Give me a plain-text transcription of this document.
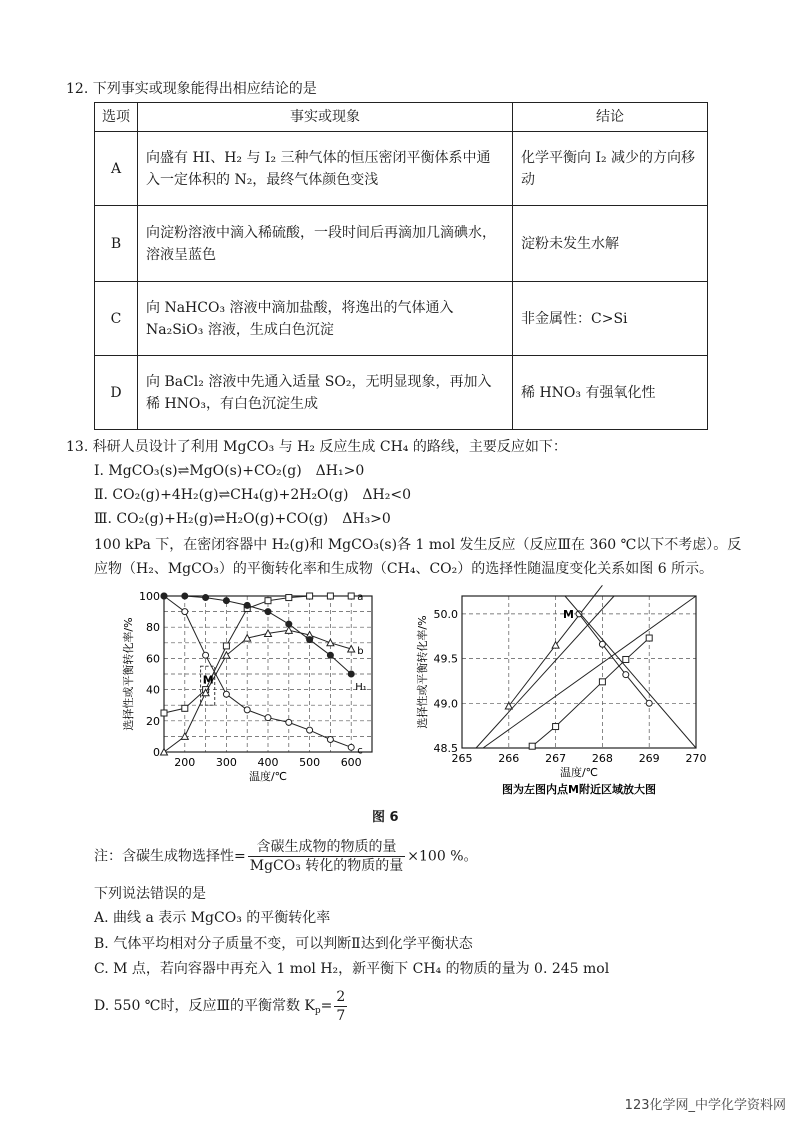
12. 下列事实或现象能得出相应结论的是
选项	事实或现象	结论
A	向盛有 HI、H₂ 与 I₂ 三种气体的恒压密闭平衡体系中通入一定体积的 N₂，最终气体颜色变浅	化学平衡向 I₂ 减少的方向移动
B	向淀粉溶液中滴入稀硫酸，一段时间后再滴加几滴碘水，溶液呈蓝色	淀粉未发生水解
C	向 NaHCO₃ 溶液中滴加盐酸，将逸出的气体通入 Na₂SiO₃ 溶液，生成白色沉淀	非金属性：C>Si
D	向 BaCl₂ 溶液中先通入适量 SO₂，无明显现象，再加入稀 HNO₃，有白色沉淀生成	稀 HNO₃ 有强氧化性
13. 科研人员设计了利用 MgCO₃ 与 H₂ 反应生成 CH₄ 的路线，主要反应如下：
Ⅰ. MgCO₃(s)⇌MgO(s)+CO₂(g)　ΔH₁>0
Ⅱ. CO₂(g)+4H₂(g)⇌CH₄(g)+2H₂O(g)　ΔH₂<0
Ⅲ. CO₂(g)+H₂(g)⇌H₂O(g)+CO(g)　ΔH₃>0
100 kPa 下，在密闭容器中 H₂(g)和 MgCO₃(s)各 1 mol 发生反应（反应Ⅲ在 360 ℃以下不考虑）。反
应物（H₂、MgCO₃）的平衡转化率和生成物（CH₄、CO₂）的选择性随温度变化关系如图 6 所示。
200 300 400 500 600
0
20
40
60
80
100
温度/℃
选择性或平衡转化率/%
a
b
c
H₁
M
265 266 267 268 269 270
48.5
49.0
49.5
50.0
温度/℃
选择性或平衡转化率/%
M
图为左图内点M附近区域放大图
图 6
注：含碳生成物选择性= $\frac{\text{含碳生成物的物质的量}}{\text{MgCO₃ 转化的物质的量}} \times 100$ %。
下列说法错误的是
A. 曲线 a 表示 MgCO₃ 的平衡转化率
B. 气体平均相对分子质量不变，可以判断Ⅱ达到化学平衡状态
C. M 点，若向容器中再充入 1 mol H₂，新平衡下 CH₄ 的物质的量为 0. 245 mol
D. 550 ℃时，反应Ⅲ的平衡常数 $K_p= \frac{2}{7}$
123化学网_中学化学资料网
